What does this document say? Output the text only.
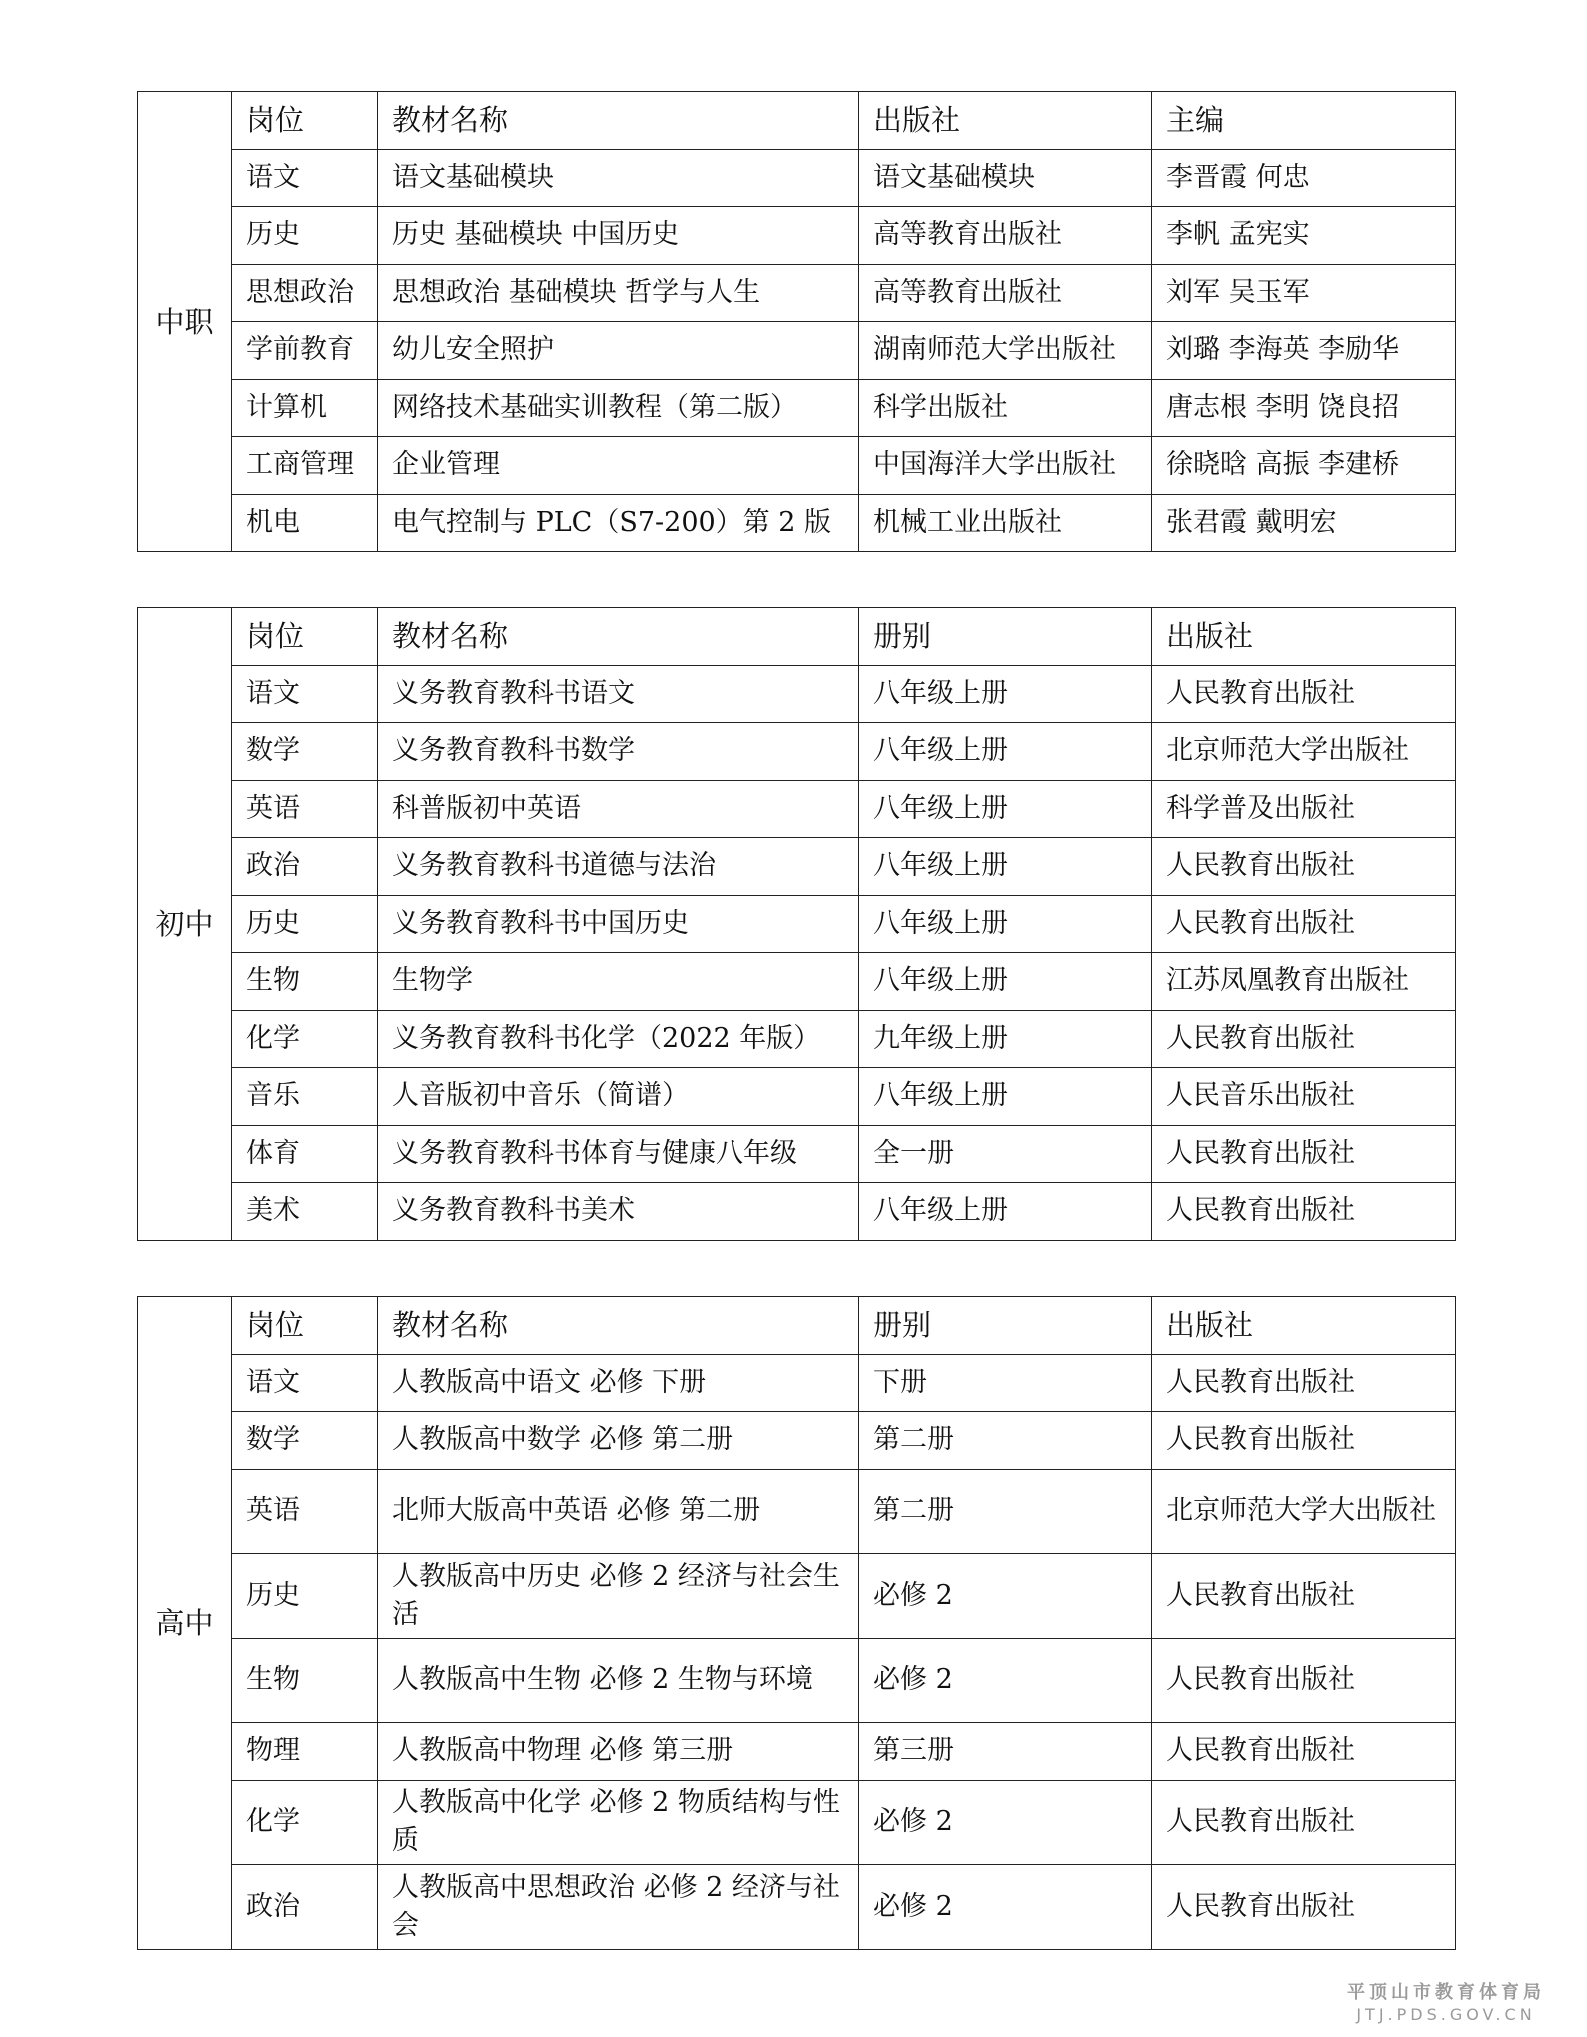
中职	岗位	教材名称	出版社	主编
	语文	语文基础模块	语文基础模块	李晋霞 何忠
	历史	历史 基础模块 中国历史	高等教育出版社	李帆 孟宪实
	思想政治	思想政治 基础模块 哲学与人生	高等教育出版社	刘军 吴玉军
	学前教育	幼儿安全照护	湖南师范大学出版社	刘璐 李海英 李励华
	计算机	网络技术基础实训教程（第二版）	科学出版社	唐志根 李明 饶良招
	工商管理	企业管理	中国海洋大学出版社	徐晓晗 高振 李建桥
	机电	电气控制与 PLC（S7-200）第 2 版	机械工业出版社	张君霞 戴明宏
初中	岗位	教材名称	册别	出版社
	语文	义务教育教科书语文	八年级上册	人民教育出版社
	数学	义务教育教科书数学	八年级上册	北京师范大学出版社
	英语	科普版初中英语	八年级上册	科学普及出版社
	政治	义务教育教科书道德与法治	八年级上册	人民教育出版社
	历史	义务教育教科书中国历史	八年级上册	人民教育出版社
	生物	生物学	八年级上册	江苏凤凰教育出版社
	化学	义务教育教科书化学（2022 年版）	九年级上册	人民教育出版社
	音乐	人音版初中音乐（简谱）	八年级上册	人民音乐出版社
	体育	义务教育教科书体育与健康八年级	全一册	人民教育出版社
	美术	义务教育教科书美术	八年级上册	人民教育出版社
高中	岗位	教材名称	册别	出版社
	语文	人教版高中语文 必修 下册	下册	人民教育出版社
	数学	人教版高中数学 必修 第二册	第二册	人民教育出版社
	英语	北师大版高中英语 必修 第二册	第二册	北京师范大学大出版社
	历史	人教版高中历史 必修 2 经济与社会生活	必修 2	人民教育出版社
	生物	人教版高中生物 必修 2 生物与环境	必修 2	人民教育出版社
	物理	人教版高中物理 必修 第三册	第三册	人民教育出版社
	化学	人教版高中化学 必修 2 物质结构与性质	必修 2	人民教育出版社
	政治	人教版高中思想政治 必修 2 经济与社会	必修 2	人民教育出版社
平顶山市教育体育局
JTJ.PDS.GOV.CN
